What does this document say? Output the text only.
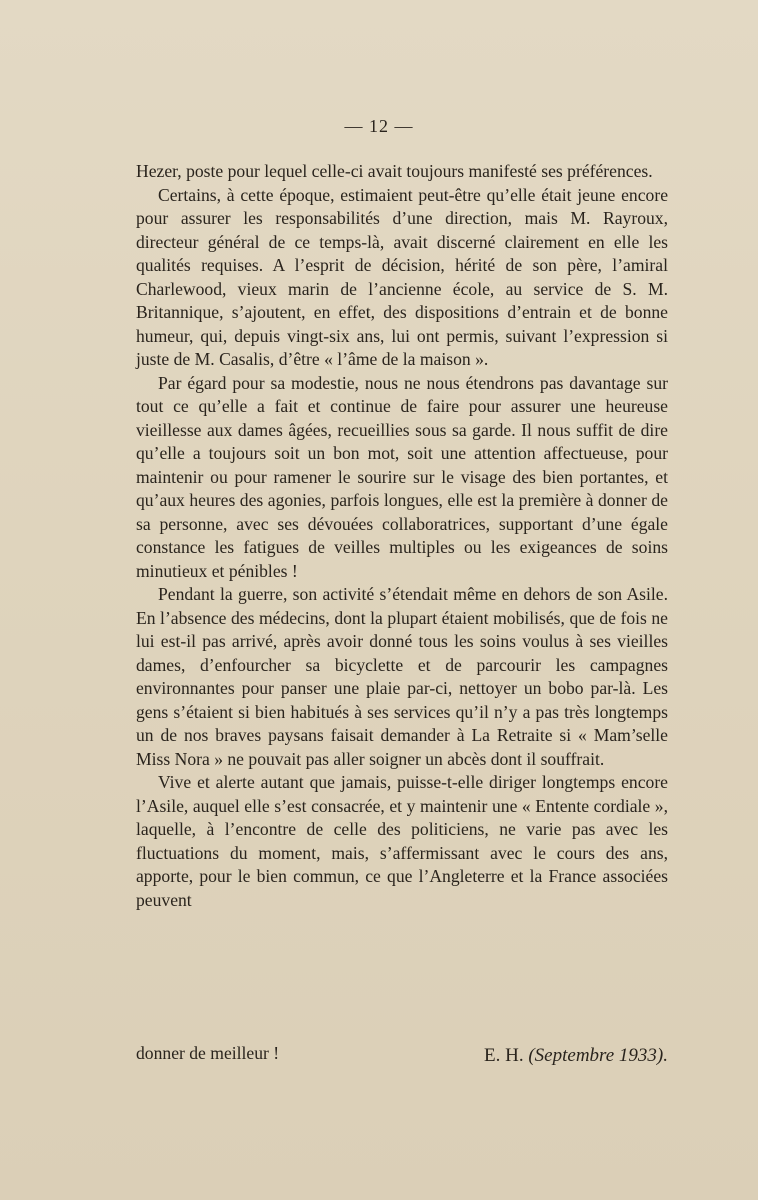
— 12 —

Hezer, poste pour lequel celle-ci avait toujours manifesté ses préférences.

Certains, à cette époque, estimaient peut-être qu’elle était jeune encore pour assurer les responsabilités d’une direction, mais M. Rayroux, directeur général de ce temps-là, avait discerné clairement en elle les qualités requises. A l’esprit de décision, hérité de son père, l’amiral Charlewood, vieux marin de l’ancienne école, au service de S. M. Britannique, s’ajoutent, en effet, des dispositions d’entrain et de bonne humeur, qui, depuis vingt-six ans, lui ont permis, suivant l’expression si juste de M. Casalis, d’être « l’âme de la maison ».

Par égard pour sa modestie, nous ne nous étendrons pas davantage sur tout ce qu’elle a fait et continue de faire pour assurer une heureuse vieillesse aux dames âgées, recueillies sous sa garde. Il nous suffit de dire qu’elle a toujours soit un bon mot, soit une attention affectueuse, pour maintenir ou pour ramener le sourire sur le visage des bien portantes, et qu’aux heures des agonies, parfois longues, elle est la première à donner de sa personne, avec ses dévouées collaboratrices, supportant d’une égale constance les fatigues de veilles multiples ou les exigeances de soins minutieux et pénibles !

Pendant la guerre, son activité s’étendait même en dehors de son Asile. En l’absence des médecins, dont la plupart étaient mobilisés, que de fois ne lui est-il pas arrivé, après avoir donné tous les soins voulus à ses vieilles dames, d’enfourcher sa bicyclette et de parcourir les campagnes environnantes pour panser une plaie par-ci, nettoyer un bobo par-là. Les gens s’étaient si bien habitués à ses services qu’il n’y a pas très longtemps un de nos braves paysans faisait demander à La Retraite si « Mam’selle Miss Nora » ne pouvait pas aller soigner un abcès dont il souffrait.

Vive et alerte autant que jamais, puisse-t-elle diriger longtemps encore l’Asile, auquel elle s’est consacrée, et y maintenir une « Entente cordiale », laquelle, à l’encontre de celle des politiciens, ne varie pas avec les fluctuations du moment, mais, s’affermissant avec le cours des ans, apporte, pour le bien commun, ce que l’Angleterre et la France associées peuvent

donner de meilleur !	E. H. (Septembre 1933).
